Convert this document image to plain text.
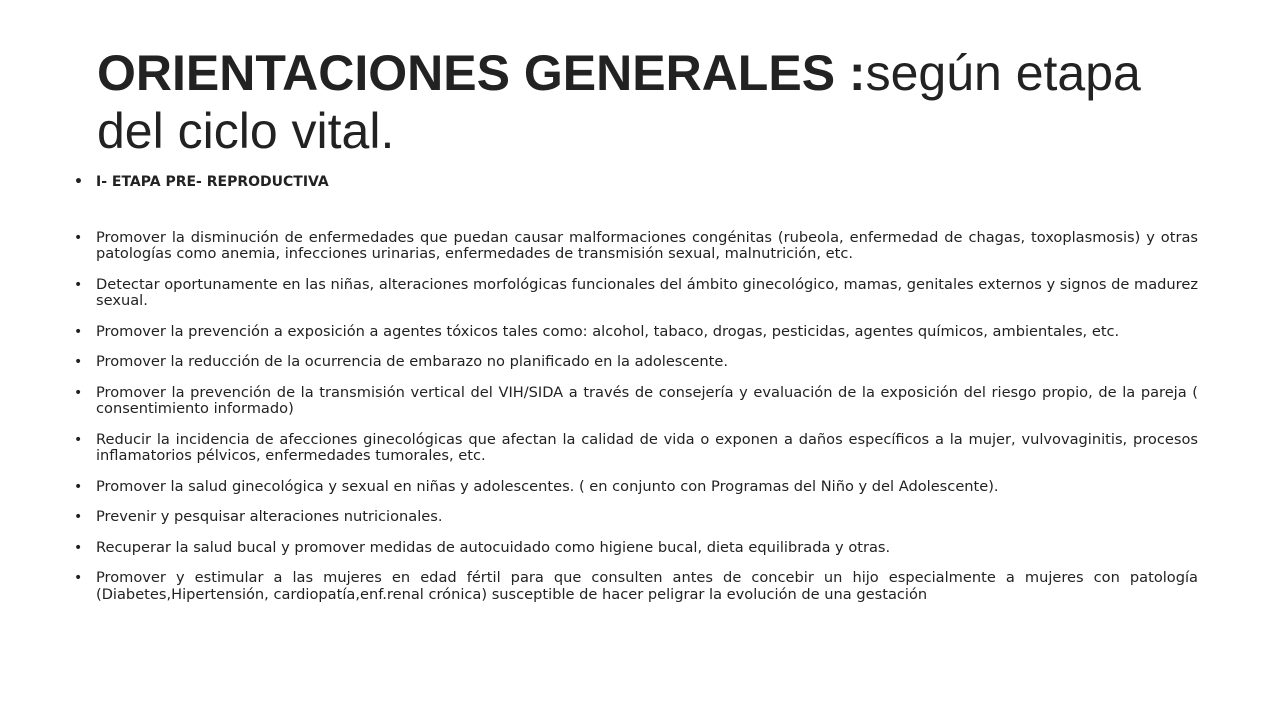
ORIENTACIONES GENERALES :según etapa del ciclo vital.

• I- ETAPA PRE- REPRODUCTIVA

• Promover la disminución de enfermedades que puedan causar malformaciones congénitas (rubeola, enfermedad de chagas, toxoplasmosis) y otras patologías como anemia, infecciones urinarias, enfermedades de transmisión sexual, malnutrición, etc.

• Detectar oportunamente en las niñas, alteraciones morfológicas funcionales del ámbito ginecológico, mamas, genitales externos y signos de madurez sexual.

• Promover la prevención a exposición a agentes tóxicos tales como: alcohol, tabaco, drogas, pesticidas, agentes químicos, ambientales, etc.

• Promover la reducción de la ocurrencia de embarazo no planificado en la adolescente.

• Promover la prevención de la transmisión vertical del VIH/SIDA a través de consejería y evaluación de la exposición del riesgo propio, de la pareja ( consentimiento informado)

• Reducir la incidencia de afecciones ginecológicas que afectan la calidad de vida o exponen a daños específicos a la mujer, vulvovaginitis, procesos inflamatorios pélvicos, enfermedades tumorales, etc.

• Promover la salud ginecológica y sexual en niñas y adolescentes. ( en conjunto con Programas del Niño y del Adolescente).

• Prevenir y pesquisar alteraciones nutricionales.

• Recuperar la salud bucal y promover medidas de autocuidado como higiene bucal, dieta equilibrada y otras.

• Promover y estimular a las mujeres en edad fértil para que consulten antes de concebir un hijo especialmente a mujeres con patología (Diabetes,Hipertensión, cardiopatía,enf.renal crónica) susceptible de hacer peligrar la evolución de una gestación
